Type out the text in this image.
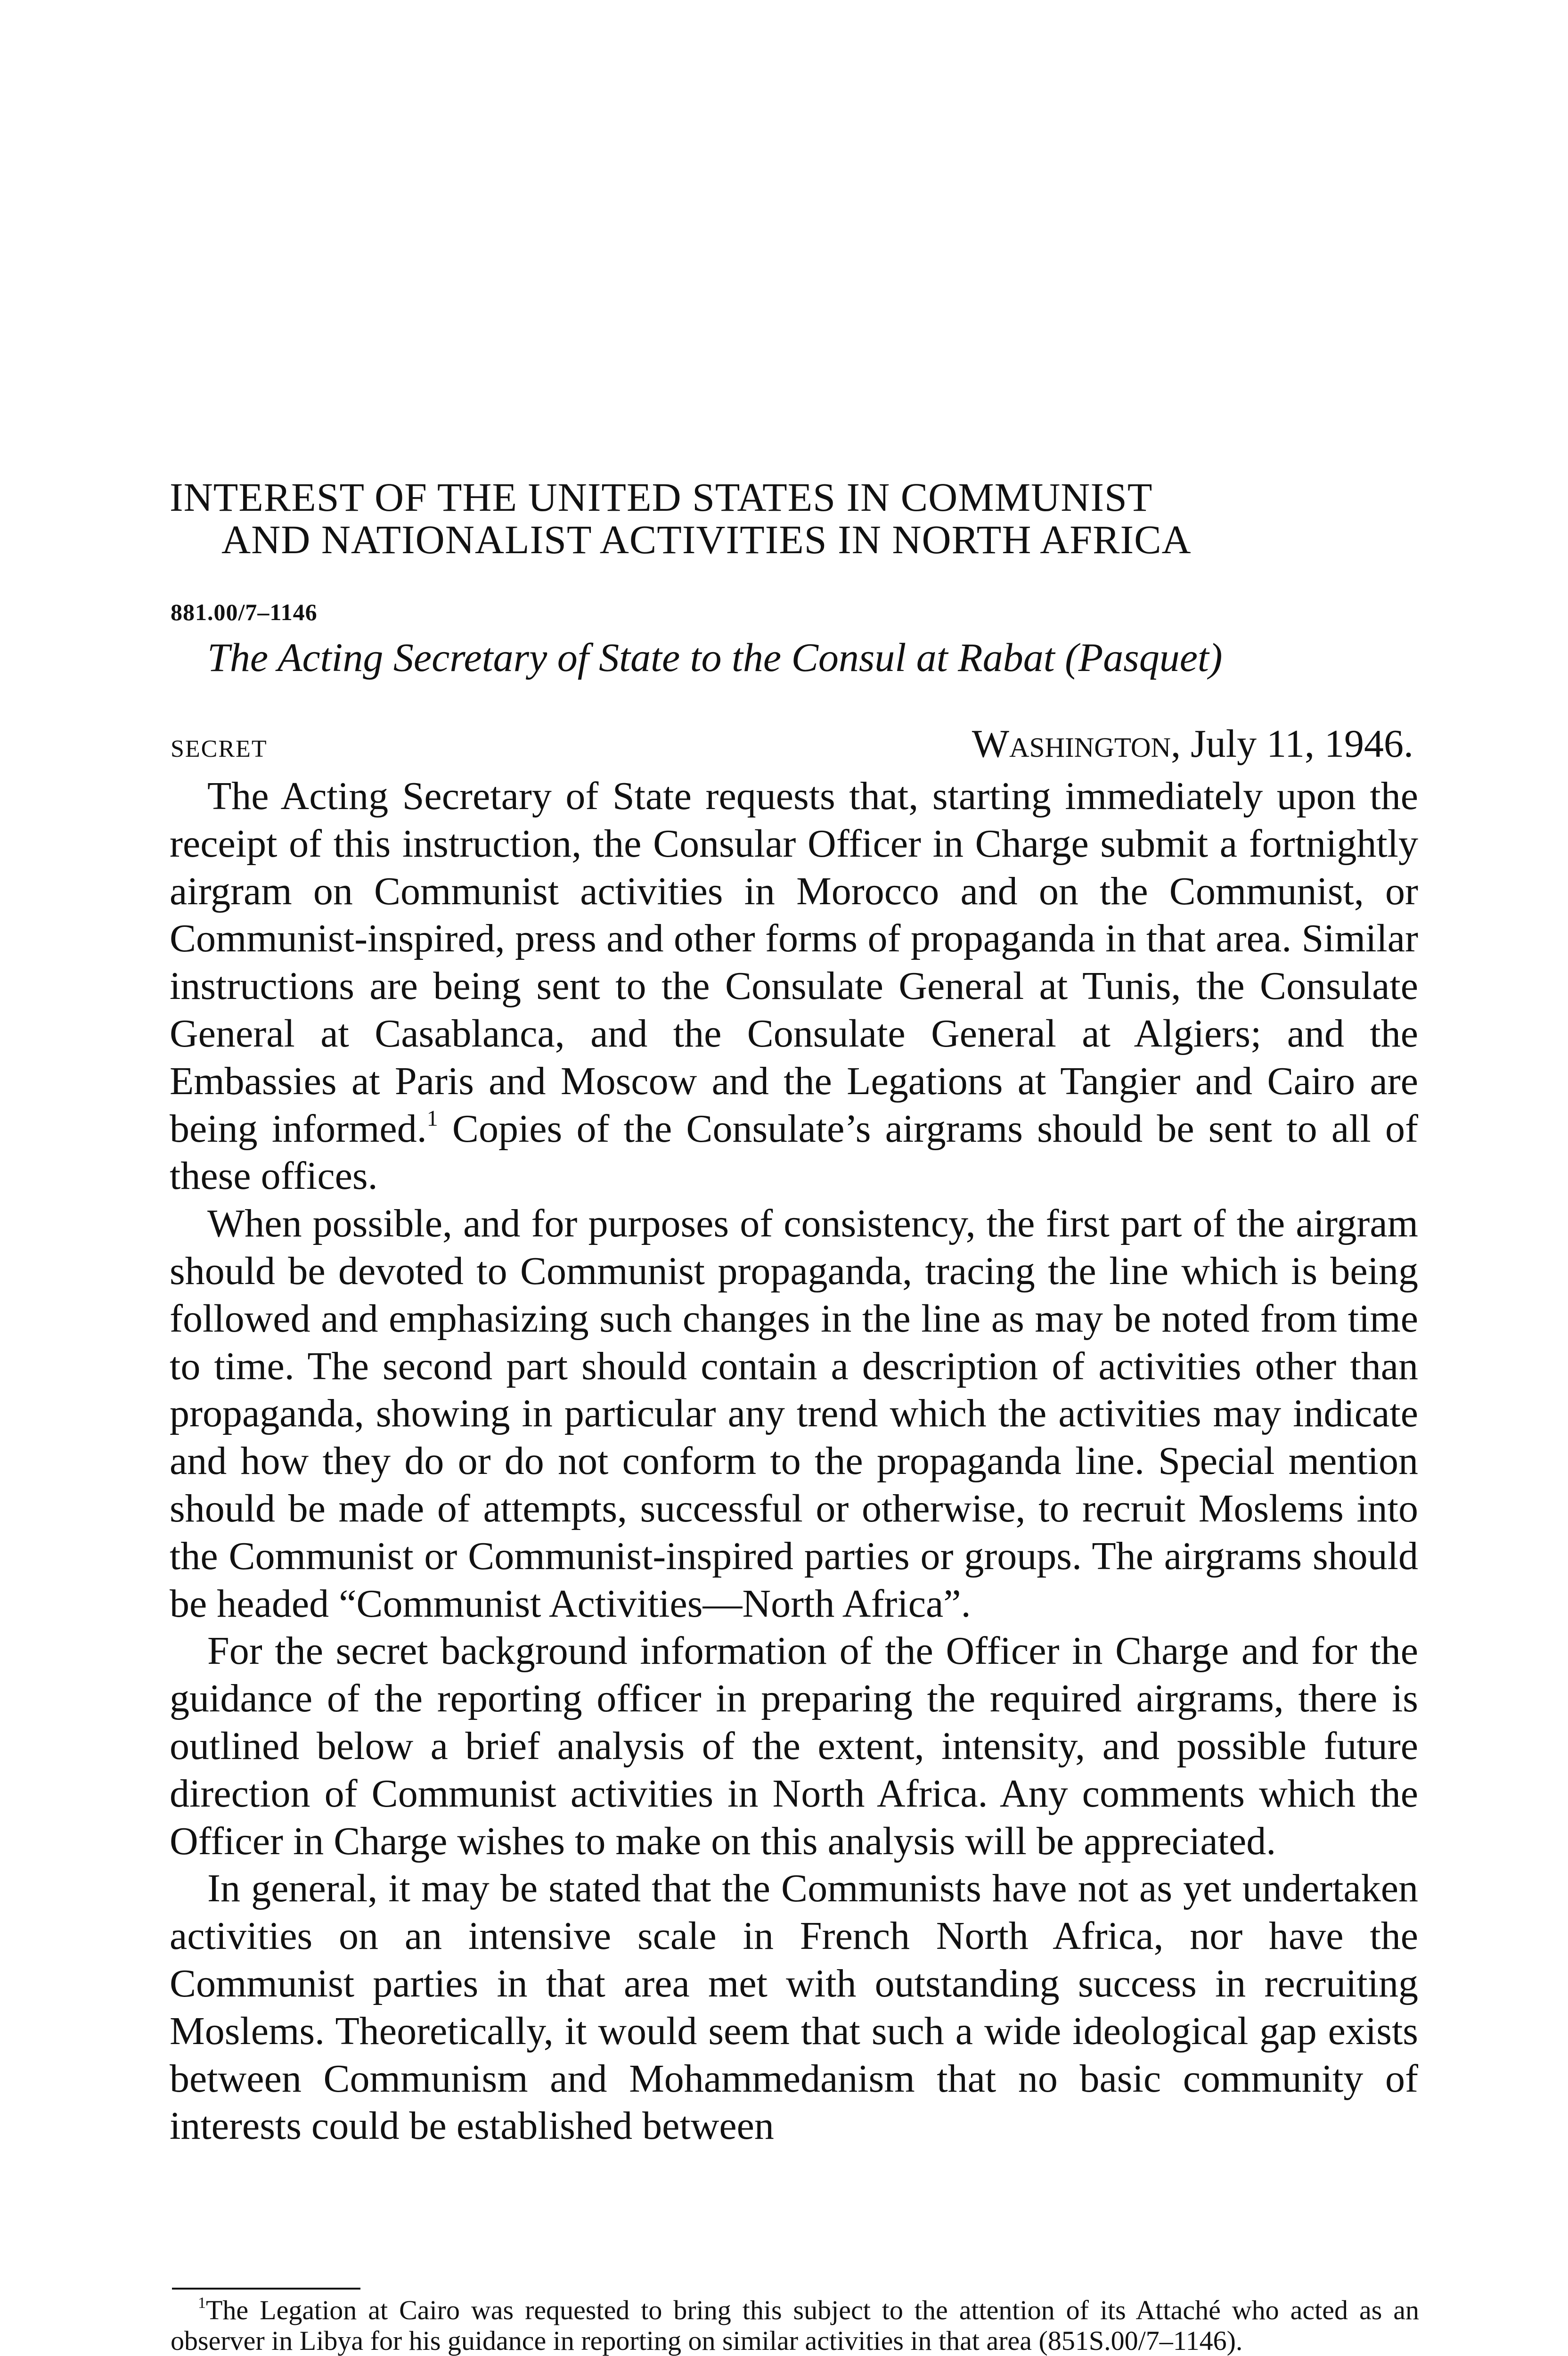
INTEREST OF THE UNITED STATES IN COMMUNIST
AND NATIONALIST ACTIVITIES IN NORTH AFRICA
881.00/7–1146
The Acting Secretary of State to the Consul at Rabat (Pasquet)
SECRET	Washington, July 11, 1946.

The Acting Secretary of State requests that, starting immediately upon the receipt of this instruction, the Consular Officer in Charge submit a fortnightly airgram on Communist activities in Morocco and on the Communist, or Communist-inspired, press and other forms of propaganda in that area. Similar instructions are being sent to the Consulate General at Tunis, the Consulate General at Casablanca, and the Consulate General at Algiers; and the Embassies at Paris and Moscow and the Legations at Tangier and Cairo are being informed.$^1$ Copies of the Consulate’s airgrams should be sent to all of these offices.

When possible, and for purposes of consistency, the first part of the airgram should be devoted to Communist propaganda, tracing the line which is being followed and emphasizing such changes in the line as may be noted from time to time. The second part should contain a description of activities other than propaganda, showing in particular any trend which the activities may indicate and how they do or do not conform to the propaganda line. Special mention should be made of attempts, successful or otherwise, to recruit Moslems into the Communist or Communist-inspired parties or groups. The airgrams should be headed “Communist Activities—North Africa”.

For the secret background information of the Officer in Charge and for the guidance of the reporting officer in preparing the required airgrams, there is outlined below a brief analysis of the extent, intensity, and possible future direction of Communist activities in North Africa. Any comments which the Officer in Charge wishes to make on this analysis will be appreciated.

In general, it may be stated that the Communists have not as yet undertaken activities on an intensive scale in French North Africa, nor have the Communist parties in that area met with outstanding success in recruiting Moslems. Theoretically, it would seem that such a wide ideological gap exists between Communism and Mohammedanism that no basic community of interests could be established between

$^1$The Legation at Cairo was requested to bring this subject to the attention of its Attaché who acted as an observer in Libya for his guidance in reporting on similar activities in that area (851S.00/7–1146).
